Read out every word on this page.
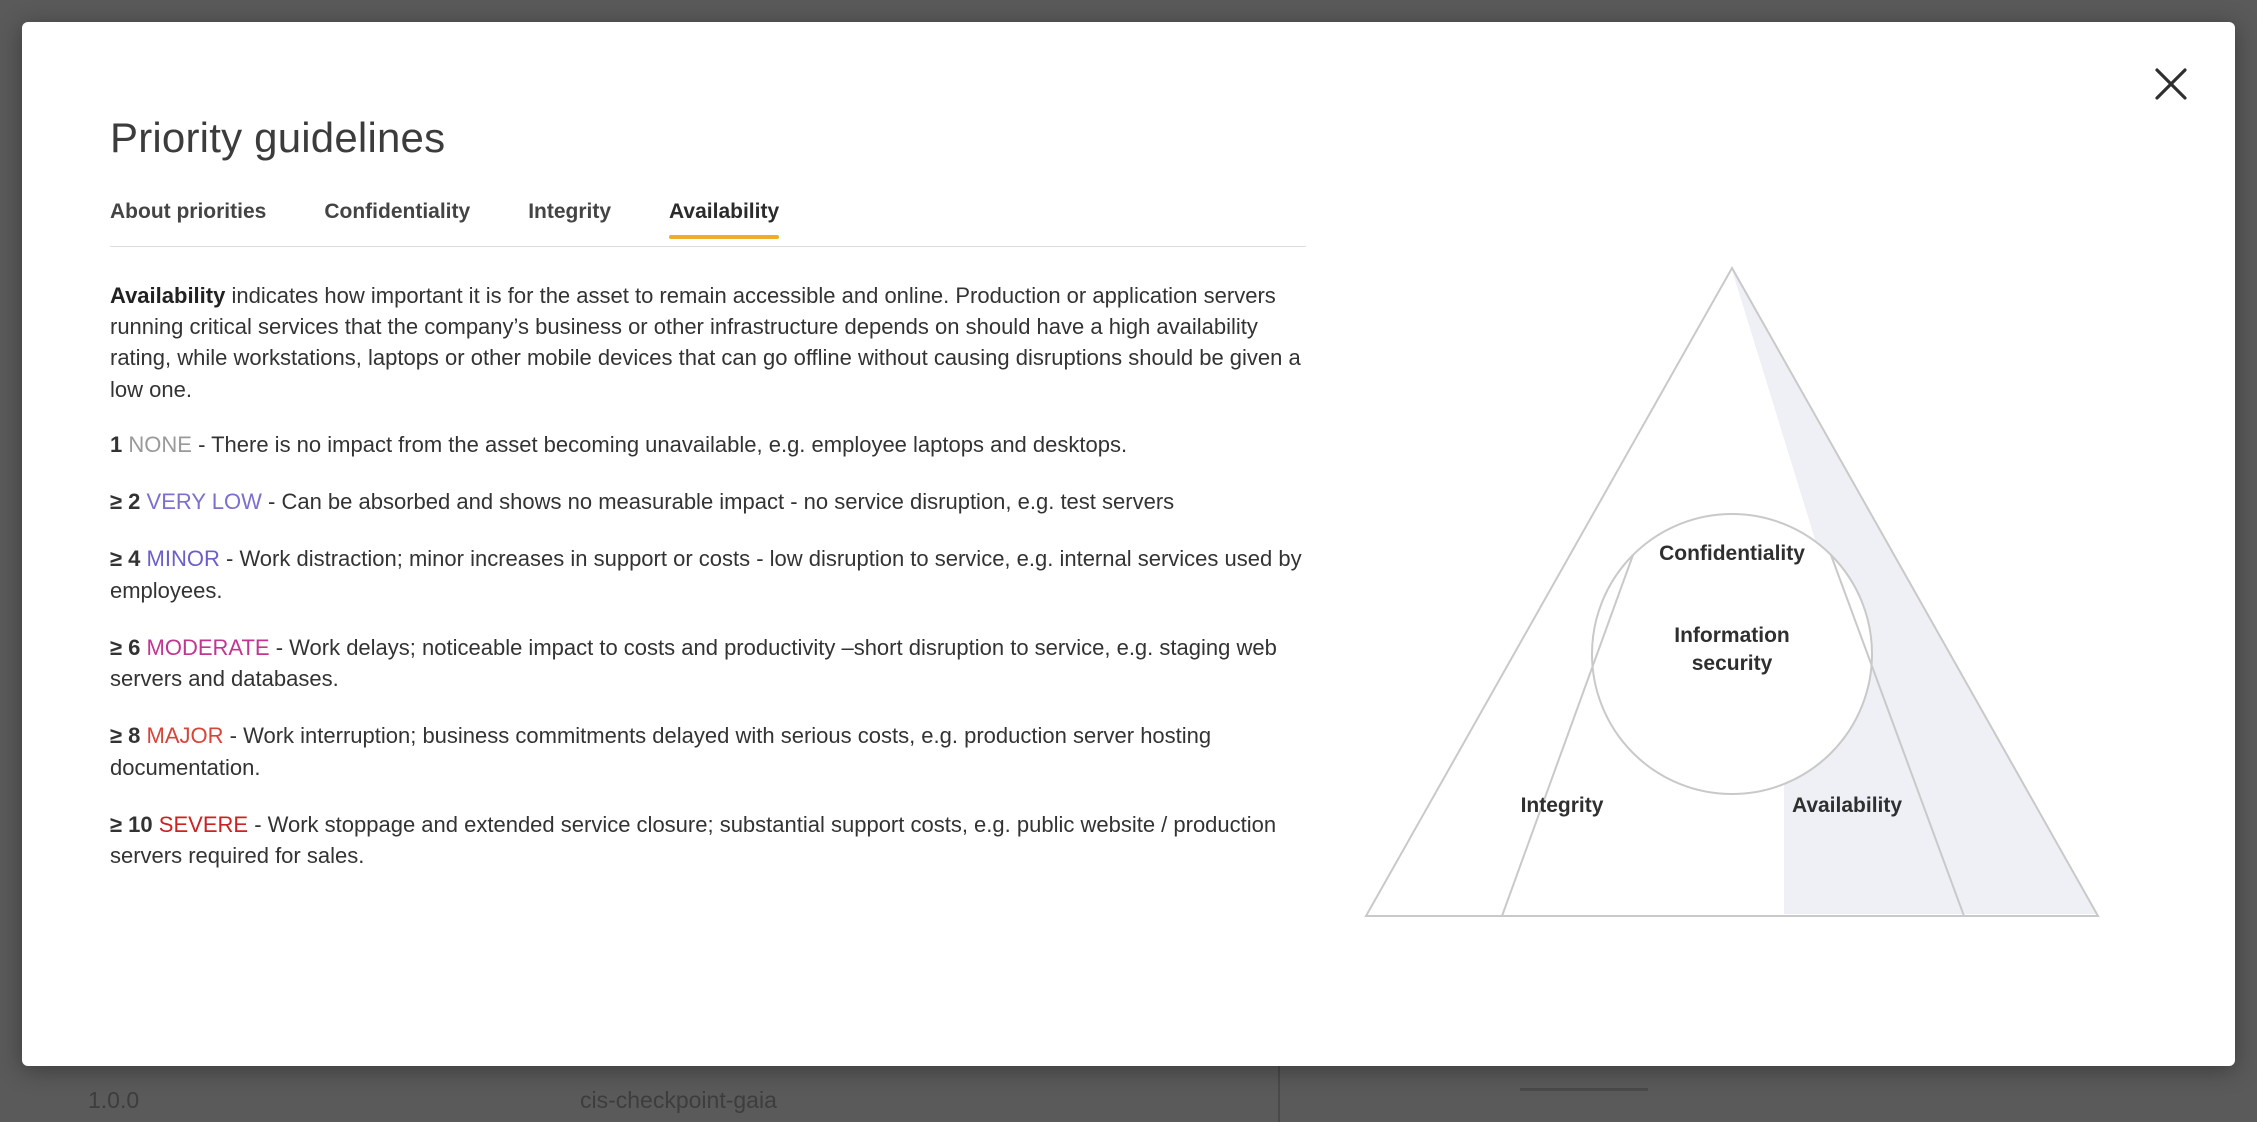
1.0.0	cis-checkpoint-gaia
Priority guidelines
About priorities	Confidentiality	Integrity	Availability

Availability indicates how important it is for the asset to remain accessible and online. Production or application servers running critical services that the company’s business or other infrastructure depends on should have a high availability rating, while workstations, laptops or other mobile devices that can go offline without causing disruptions should be given a low one.

1 NONE - There is no impact from the asset becoming unavailable, e.g. employee laptops and desktops.

≥ 2 VERY LOW - Can be absorbed and shows no measurable impact - no service disruption, e.g. test servers

≥ 4 MINOR - Work distraction; minor increases in support or costs - low disruption to service, e.g. internal services used by employees.

≥ 6 MODERATE - Work delays; noticeable impact to costs and productivity –short disruption to service, e.g. staging web servers and databases.

≥ 8 MAJOR - Work interruption; business commitments delayed with serious costs, e.g. production server hosting documentation.

≥ 10 SEVERE - Work stoppage and extended service closure; substantial support costs, e.g. public website / production servers required for sales.

Confidentiality
Information
security
Integrity	Availability
